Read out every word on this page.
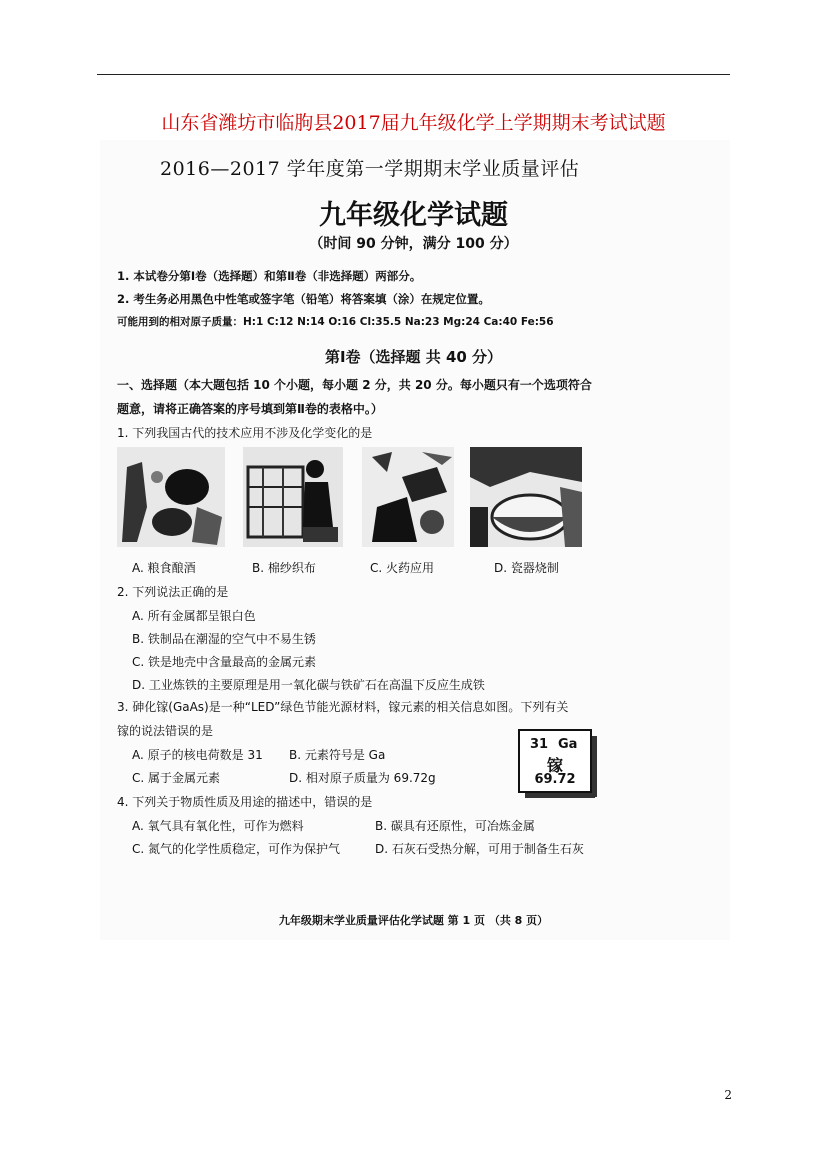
山东省潍坊市临朐县2017届九年级化学上学期期末考试试题
2016—2017 学年度第一学期期末学业质量评估
九年级化学试题
（时间 90 分钟，满分 100 分）
1. 本试卷分第Ⅰ卷（选择题）和第Ⅱ卷（非选择题）两部分。
2. 考生务必用黑色中性笔或签字笔（铅笔）将答案填（涂）在规定位置。
可能用到的相对原子质量：H:1 C:12 N:14 O:16 Cl:35.5 Na:23 Mg:24 Ca:40 Fe:56
第Ⅰ卷（选择题 共 40 分）
一、选择题（本大题包括 10 个小题，每小题 2 分，共 20 分。每小题只有一个选项符合
题意，请将正确答案的序号填到第Ⅱ卷的表格中。）
1. 下列我国古代的技术应用不涉及化学变化的是
A. 粮食酿酒	B. 棉纱织布	C. 火药应用	D. 瓷器烧制
2. 下列说法正确的是
A. 所有金属都呈银白色
B. 铁制品在潮湿的空气中不易生锈
C. 铁是地壳中含量最高的金属元素
D. 工业炼铁的主要原理是用一氧化碳与铁矿石在高温下反应生成铁
3. 砷化镓(GaAs)是一种“LED”绿色节能光源材料，镓元素的相关信息如图。下列有关
镓的说法错误的是
A. 原子的核电荷数是 31 B. 元素符号是 Ga
C. 属于金属元素	D. 相对原子质量为 69.72g
31 Ga
镓
69.72
4. 下列关于物质性质及用途的描述中，错误的是
A. 氧气具有氧化性，可作为燃料	B. 碳具有还原性，可冶炼金属
C. 氮气的化学性质稳定，可作为保护气	D. 石灰石受热分解，可用于制备生石灰
九年级期末学业质量评估化学试题 第 1 页 （共 8 页）
2
